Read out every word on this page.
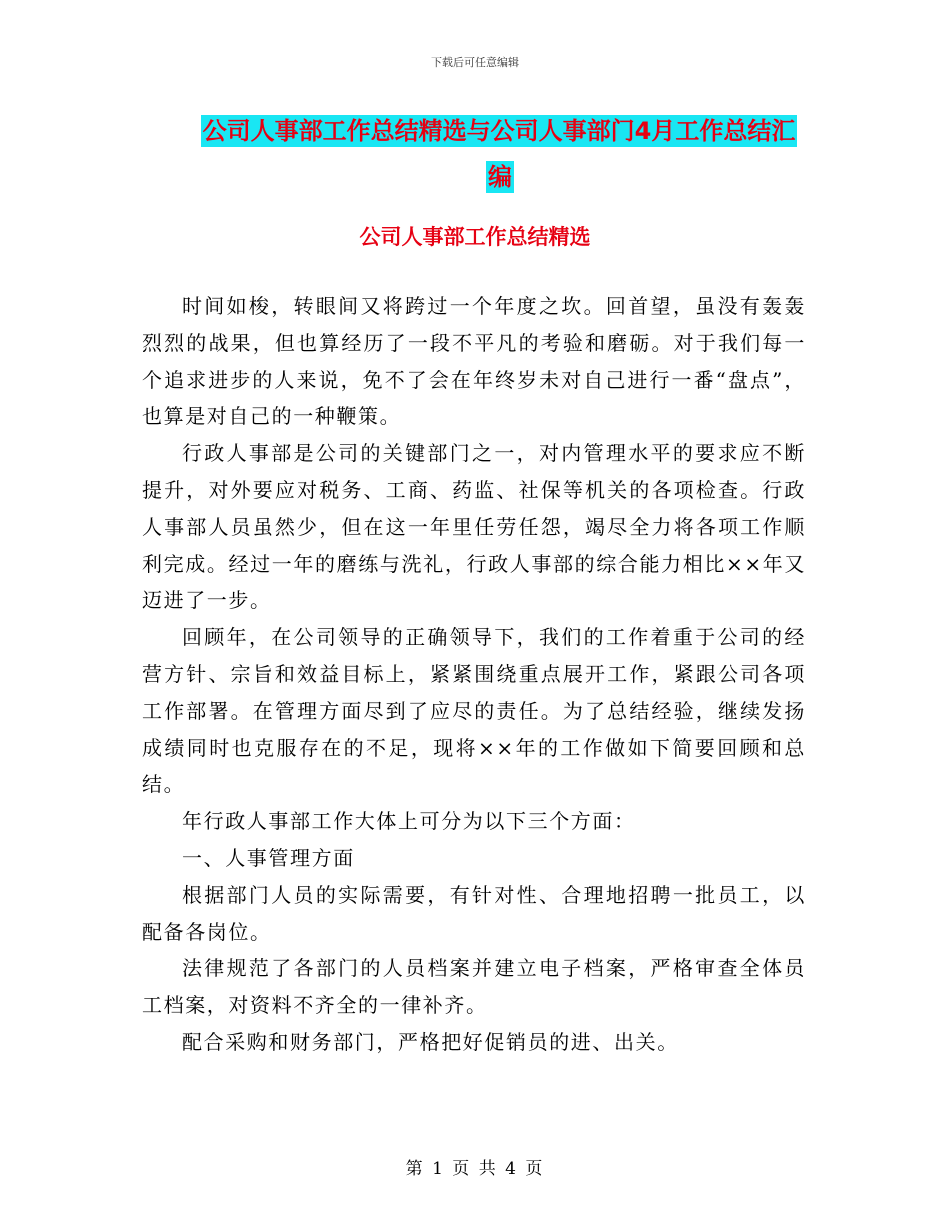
下载后可任意编辑
公司人事部工作总结精选与公司人事部门4月工作总结汇编
公司人事部工作总结精选

时间如梭，转眼间又将跨过一个年度之坎。回首望，虽没有轰轰烈烈的战果，但也算经历了一段不平凡的考验和磨砺。对于我们每一个追求进步的人来说，免不了会在年终岁未对自己进行一番“盘点”，也算是对自己的一种鞭策。

行政人事部是公司的关键部门之一，对内管理水平的要求应不断提升，对外要应对税务、工商、药监、社保等机关的各项检查。行政人事部人员虽然少，但在这一年里任劳任怨，竭尽全力将各项工作顺利完成。经过一年的磨练与洗礼，行政人事部的综合能力相比××年又迈进了一步。

回顾年，在公司领导的正确领导下，我们的工作着重于公司的经营方针、宗旨和效益目标上，紧紧围绕重点展开工作，紧跟公司各项工作部署。在管理方面尽到了应尽的责任。为了总结经验，继续发扬成绩同时也克服存在的不足，现将××年的工作做如下简要回顾和总结。

年行政人事部工作大体上可分为以下三个方面：

一、人事管理方面

根据部门人员的实际需要，有针对性、合理地招聘一批员工，以配备各岗位。

法律规范了各部门的人员档案并建立电子档案，严格审查全体员工档案，对资料不齐全的一律补齐。

配合采购和财务部门，严格把好促销员的进、出关。

第 1 页 共 4 页
